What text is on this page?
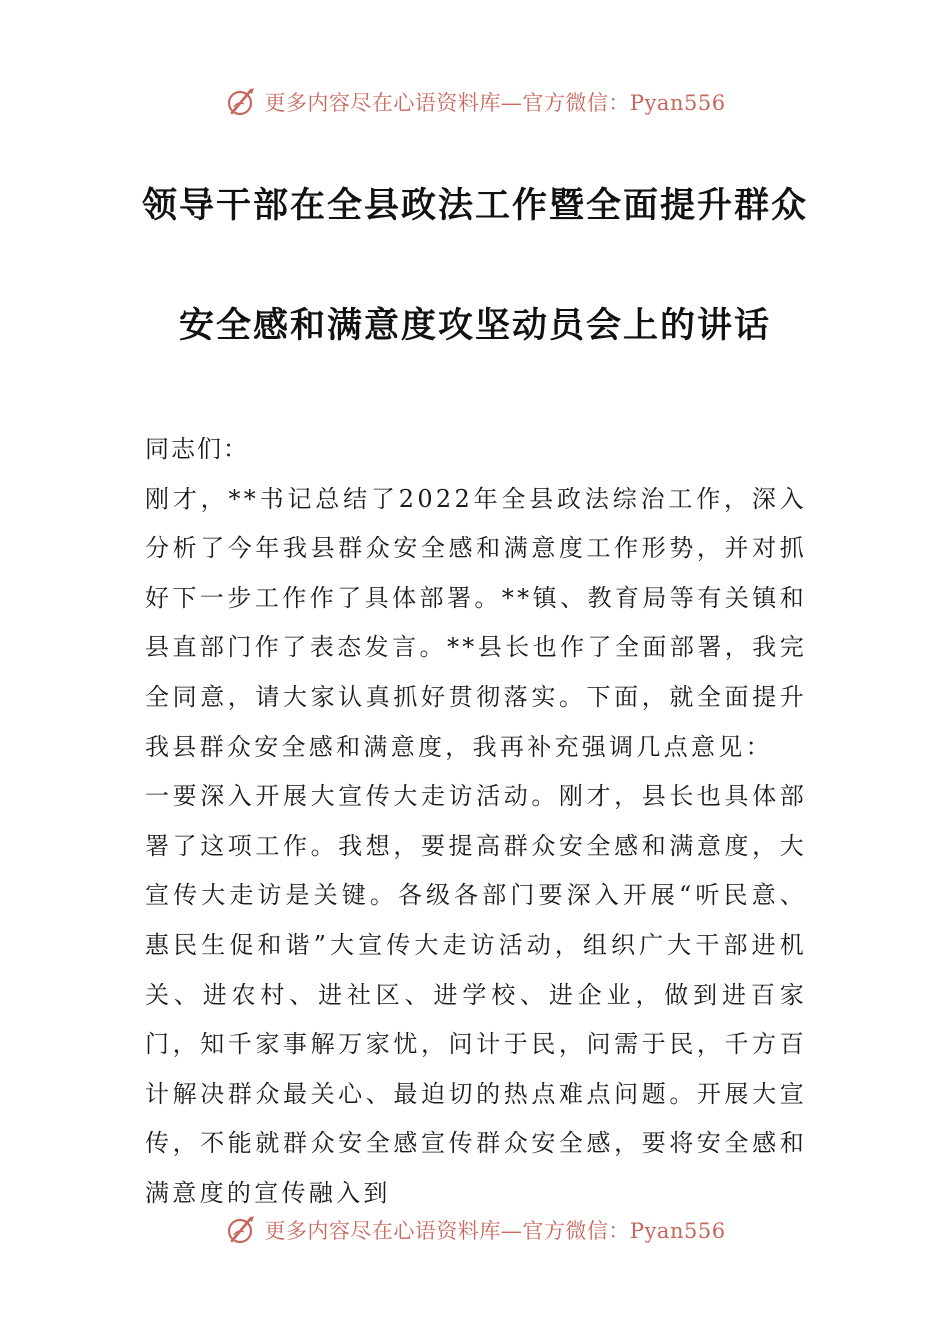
更多内容尽在心语资料库—官方微信：Pyan556
领导干部在全县政法工作暨全面提升群众
安全感和满意度攻坚动员会上的讲话

同志们：

刚才，**书记总结了2022年全县政法综治工作，深入分析了今年我县群众安全感和满意度工作形势，并对抓好下一步工作作了具体部署。**镇、教育局等有关镇和县直部门作了表态发言。**县长也作了全面部署，我完全同意，请大家认真抓好贯彻落实。下面，就全面提升我县群众安全感和满意度，我再补充强调几点意见：

一要深入开展大宣传大走访活动。刚才，县长也具体部署了这项工作。我想，要提高群众安全感和满意度，大宣传大走访是关键。各级各部门要深入开展“听民意、惠民生促和谐”大宣传大走访活动，组织广大干部进机关、进农村、进社区、进学校、进企业，做到进百家门，知千家事解万家忧，问计于民，问需于民，千方百计解决群众最关心、最迫切的热点难点问题。开展大宣传，不能就群众安全感宣传群众安全感，要将安全感和满意度的宣传融入到

更多内容尽在心语资料库—官方微信：Pyan556
